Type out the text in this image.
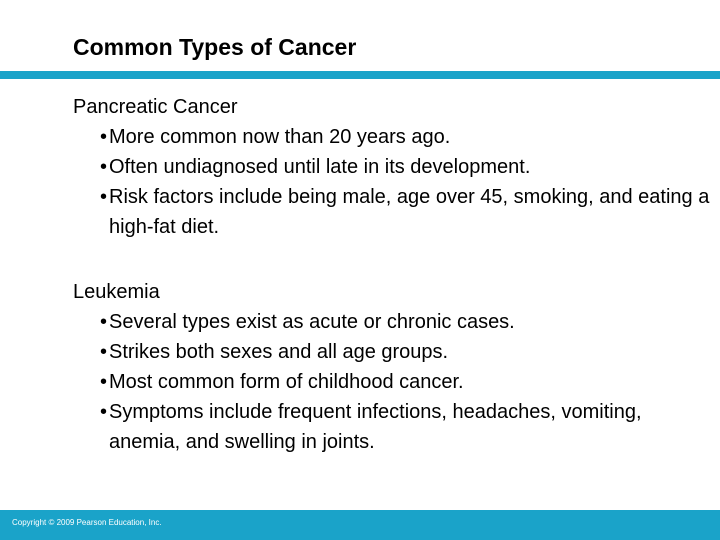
Common Types of Cancer
Pancreatic Cancer
• More common now than 20 years ago.
• Often undiagnosed until late in its development.
• Risk factors include being male, age over 45, smoking, and eating a high-fat diet.
Leukemia
• Several types exist as acute or chronic cases.
• Strikes both sexes and all age groups.
• Most common form of childhood cancer.
• Symptoms include frequent infections, headaches, vomiting, anemia, and swelling in joints.
Copyright © 2009 Pearson Education, Inc.
